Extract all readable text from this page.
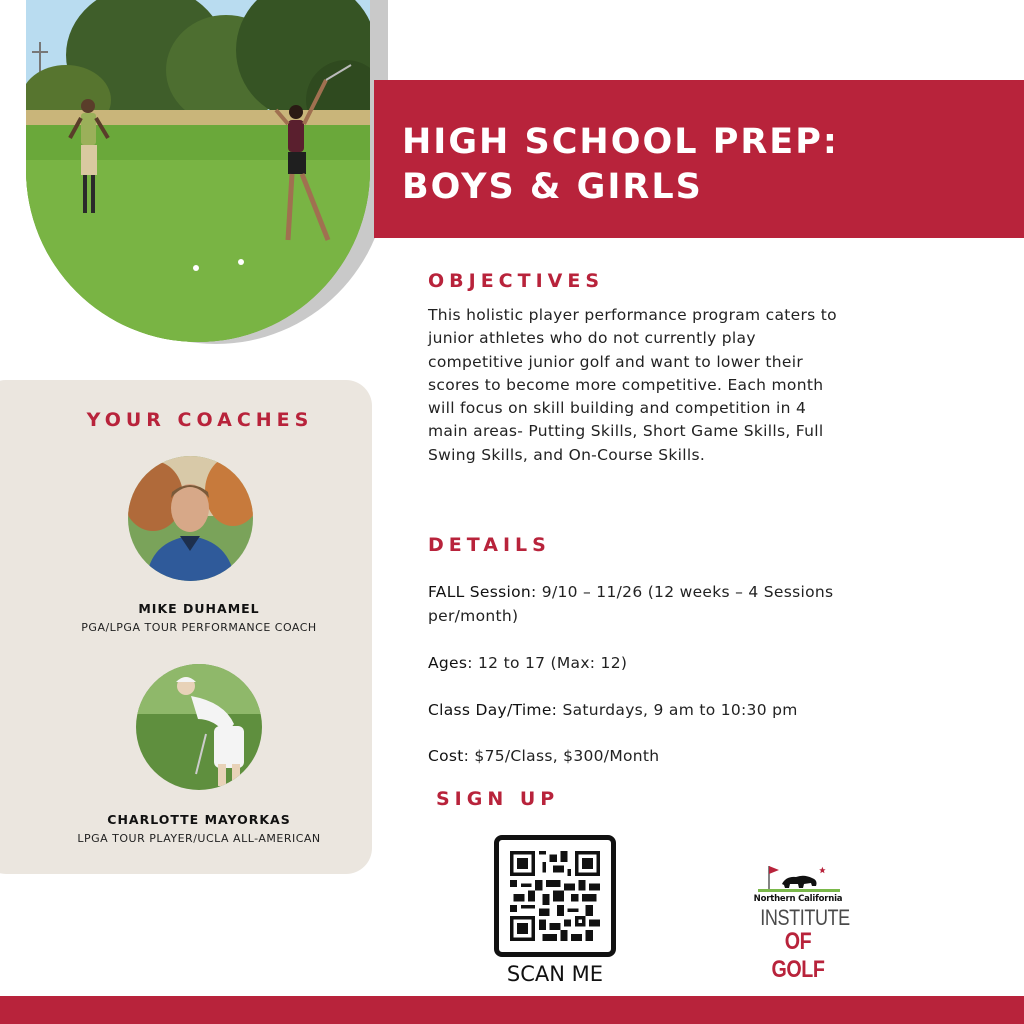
HIGH SCHOOL PREP:
BOYS & GIRLS
YOUR COACHES
MIKE DUHAMEL
PGA/LPGA TOUR PERFORMANCE COACH
CHARLOTTE MAYORKAS
LPGA TOUR PLAYER/UCLA ALL-AMERICAN
OBJECTIVES
This holistic player performance program caters to junior athletes who do not currently play competitive junior golf and want to lower their scores to become more competitive. Each month will focus on skill building and competition in 4 main areas- Putting Skills, Short Game Skills, Full Swing Skills, and On-Course Skills.
DETAILS
FALL Session: 9/10 – 11/26 (12 weeks – 4 Sessions per/month)
Ages: 12 to 17 (Max: 12)
Class Day/Time: Saturdays, 9 am to 10:30 pm
Cost: $75/Class, $300/Month
SIGN UP
SCAN ME
Northern California
INSTITUTE
OF GOLF
